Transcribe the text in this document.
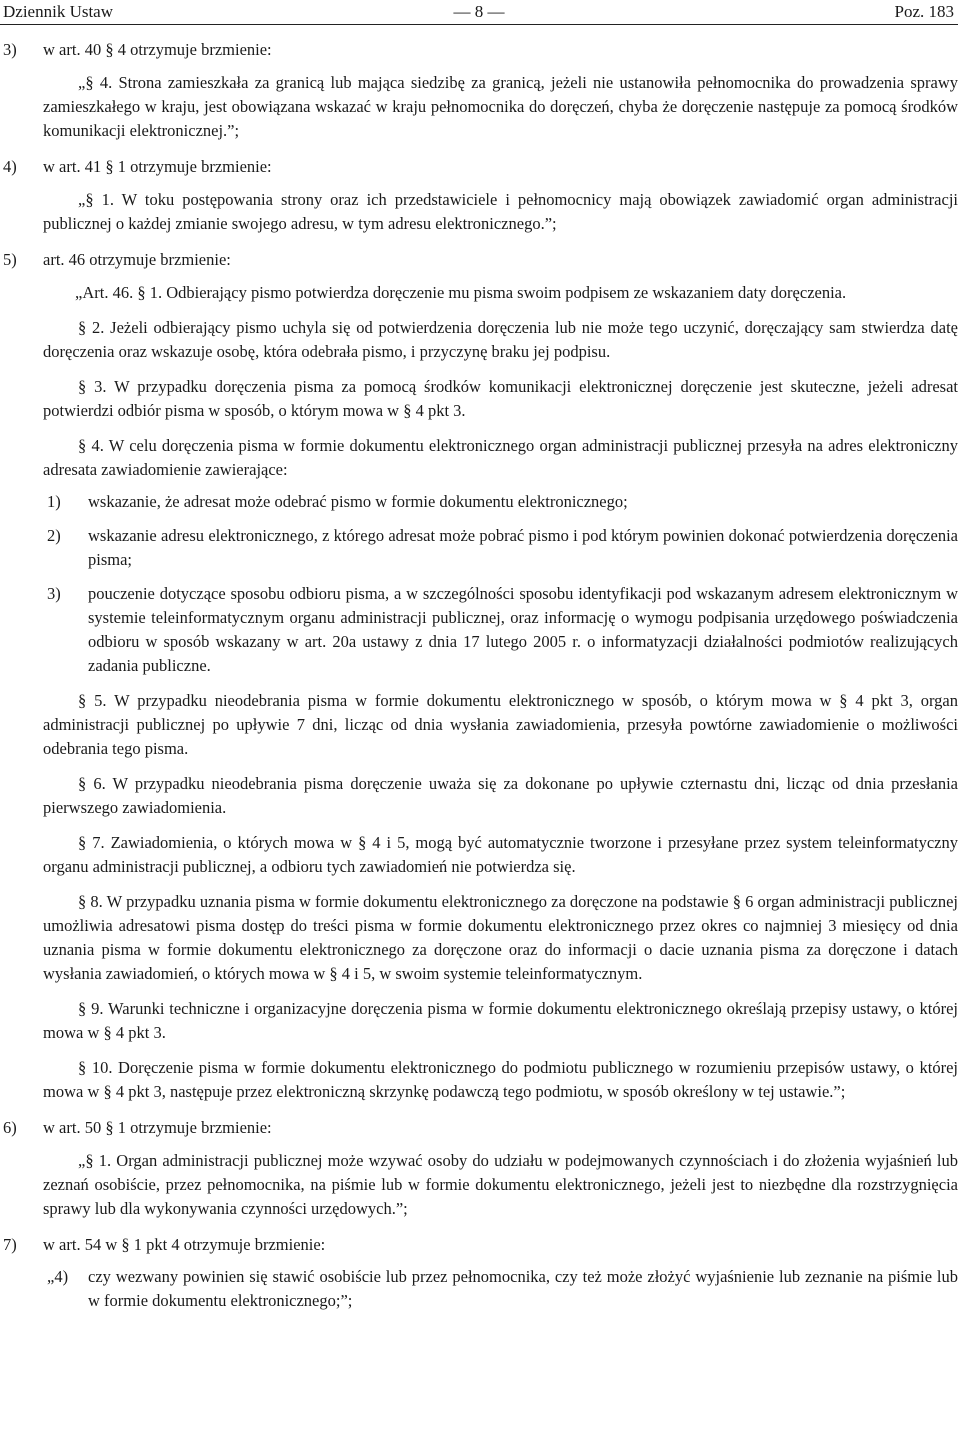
— 8 —
Dziennik Ustaw	Poz. 183
3) w art. 40 § 4 otrzymuje brzmienie:
„§ 4. Strona zamieszkała za granicą lub mająca siedzibę za granicą, jeżeli nie ustanowiła pełnomocnika do prowadzenia sprawy zamieszkałego w kraju, jest obowiązana wskazać w kraju pełnomocnika do doręczeń, chyba że doręczenie następuje za pomocą środków komunikacji elektronicznej.”;
4) w art. 41 § 1 otrzymuje brzmienie:
„§ 1. W toku postępowania strony oraz ich przedstawiciele i pełnomocnicy mają obowiązek zawiadomić organ administracji publicznej o każdej zmianie swojego adresu, w tym adresu elektronicznego.”;
5) art. 46 otrzymuje brzmienie:
„Art. 46. § 1. Odbierający pismo potwierdza doręczenie mu pisma swoim podpisem ze wskazaniem daty doręczenia.
§ 2. Jeżeli odbierający pismo uchyla się od potwierdzenia doręczenia lub nie może tego uczynić, doręczający sam stwierdza datę doręczenia oraz wskazuje osobę, która odebrała pismo, i przyczynę braku jej podpisu.
§ 3. W przypadku doręczenia pisma za pomocą środków komunikacji elektronicznej doręczenie jest skuteczne, jeżeli adresat potwierdzi odbiór pisma w sposób, o którym mowa w § 4 pkt 3.
§ 4. W celu doręczenia pisma w formie dokumentu elektronicznego organ administracji publicznej przesyła na adres elektroniczny adresata zawiadomienie zawierające:
1) wskazanie, że adresat może odebrać pismo w formie dokumentu elektronicznego;
2) wskazanie adresu elektronicznego, z którego adresat może pobrać pismo i pod którym powinien dokonać potwierdzenia doręczenia pisma;
3) pouczenie dotyczące sposobu odbioru pisma, a w szczególności sposobu identyfikacji pod wskazanym adresem elektronicznym w systemie teleinformatycznym organu administracji publicznej, oraz informację o wymogu podpisania urzędowego poświadczenia odbioru w sposób wskazany w art. 20a ustawy z dnia 17 lutego 2005 r. o informatyzacji działalności podmiotów realizujących zadania publiczne.
§ 5. W przypadku nieodebrania pisma w formie dokumentu elektronicznego w sposób, o którym mowa w § 4 pkt 3, organ administracji publicznej po upływie 7 dni, licząc od dnia wysłania zawiadomienia, przesyła powtórne zawiadomienie o możliwości odebrania tego pisma.
§ 6. W przypadku nieodebrania pisma doręczenie uważa się za dokonane po upływie czternastu dni, licząc od dnia przesłania pierwszego zawiadomienia.
§ 7. Zawiadomienia, o których mowa w § 4 i 5, mogą być automatycznie tworzone i przesyłane przez system teleinformatyczny organu administracji publicznej, a odbioru tych zawiadomień nie potwierdza się.
§ 8. W przypadku uznania pisma w formie dokumentu elektronicznego za doręczone na podstawie § 6 organ administracji publicznej umożliwia adresatowi pisma dostęp do treści pisma w formie dokumentu elektronicznego przez okres co najmniej 3 miesięcy od dnia uznania pisma w formie dokumentu elektronicznego za doręczone oraz do informacji o dacie uznania pisma za doręczone i datach wysłania zawiadomień, o których mowa w § 4 i 5, w swoim systemie teleinformatycznym.
§ 9. Warunki techniczne i organizacyjne doręczenia pisma w formie dokumentu elektronicznego określają przepisy ustawy, o której mowa w § 4 pkt 3.
§ 10. Doręczenie pisma w formie dokumentu elektronicznego do podmiotu publicznego w rozumieniu przepisów ustawy, o której mowa w § 4 pkt 3, następuje przez elektroniczną skrzynkę podawczą tego podmiotu, w sposób określony w tej ustawie.”;
6) w art. 50 § 1 otrzymuje brzmienie:
„§ 1. Organ administracji publicznej może wzywać osoby do udziału w podejmowanych czynnościach i do złożenia wyjaśnień lub zeznań osobiście, przez pełnomocnika, na piśmie lub w formie dokumentu elektronicznego, jeżeli jest to niezbędne dla rozstrzygnięcia sprawy lub dla wykonywania czynności urzędowych.”;
7) w art. 54 w § 1 pkt 4 otrzymuje brzmienie:
„4) czy wezwany powinien się stawić osobiście lub przez pełnomocnika, czy też może złożyć wyjaśnienie lub zeznanie na piśmie lub w formie dokumentu elektronicznego;”;
